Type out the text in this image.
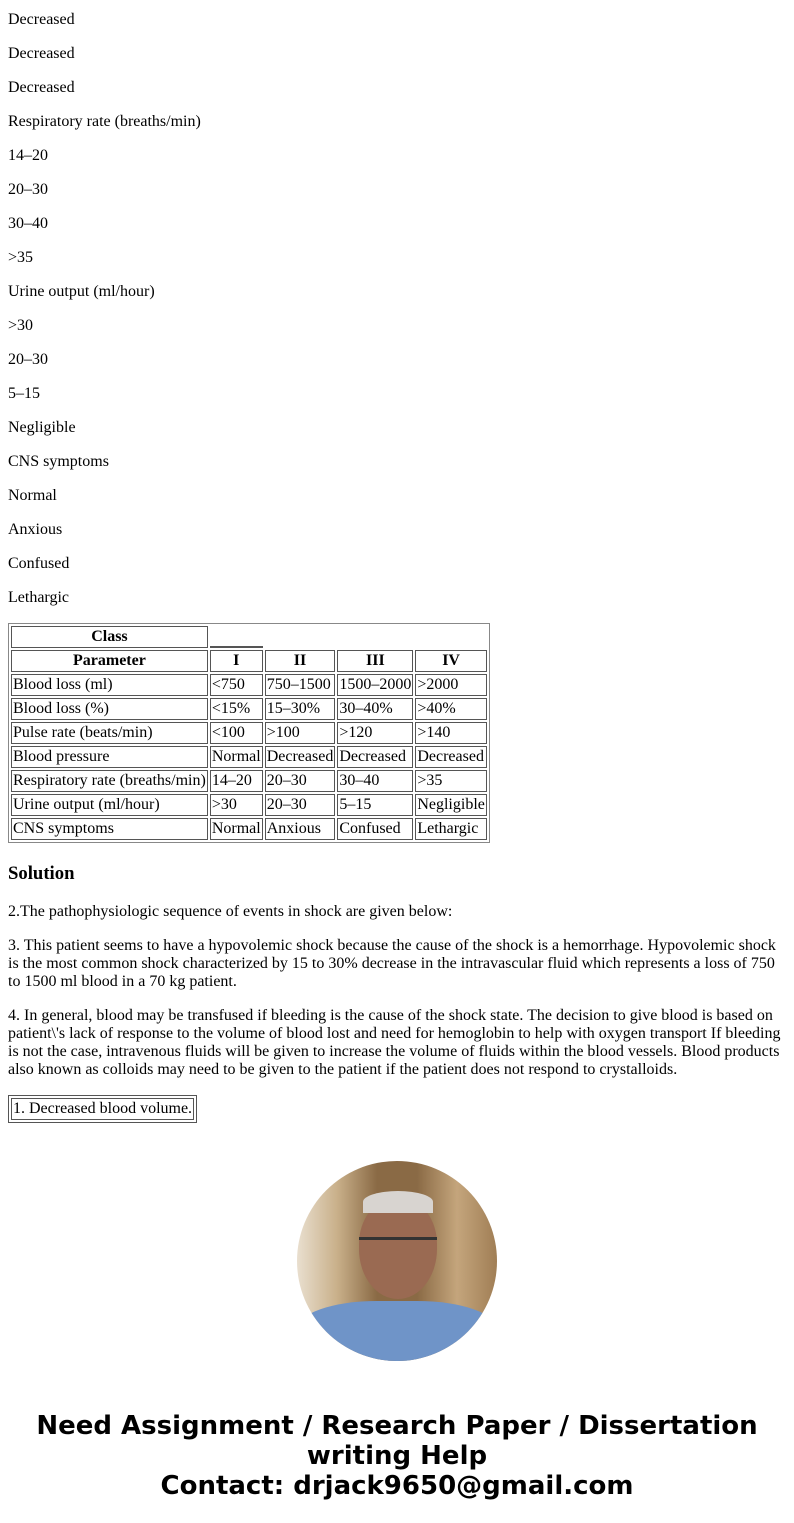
Decreased

Decreased

Decreased

Respiratory rate (breaths/min)

14–20

20–30

30–40

>35

Urine output (ml/hour)

>30

20–30

5–15

Negligible

CNS symptoms

Normal

Anxious

Confused

Lethargic

Class				
Parameter	I	II	III	IV
Blood loss (ml)	<750	750–1500	1500–2000	>2000
Blood loss (%)	<15%	15–30%	30–40%	>40%
Pulse rate (beats/min)	<100	>100	>120	>140
Blood pressure	Normal	Decreased	Decreased	Decreased
Respiratory rate (breaths/min)	14–20	20–30	30–40	>35
Urine output (ml/hour)	>30	20–30	5–15	Negligible
CNS symptoms	Normal	Anxious	Confused	Lethargic
Solution

2.The pathophysiologic sequence of events in shock are given below:

3. This patient seems to have a hypovolemic shock because the cause of the shock is a hemorrhage. Hypovolemic shock is the most common shock characterized by 15 to 30% decrease in the intravascular fluid which represents a loss of 750 to 1500 ml blood in a 70 kg patient.

4. In general, blood may be transfused if bleeding is the cause of the shock state. The decision to give blood is based on patient\'s lack of response to the volume of blood lost and need for hemoglobin to help with oxygen transport If bleeding is not the case, intravenous fluids will be given to increase the volume of fluids within the blood vessels. Blood products also known as colloids may need to be given to the patient if the patient does not respond to crystalloids.

1. Decreased blood volume.
Need Assignment / Research Paper / Dissertation writing Help
Contact: drjack9650@gmail.com
